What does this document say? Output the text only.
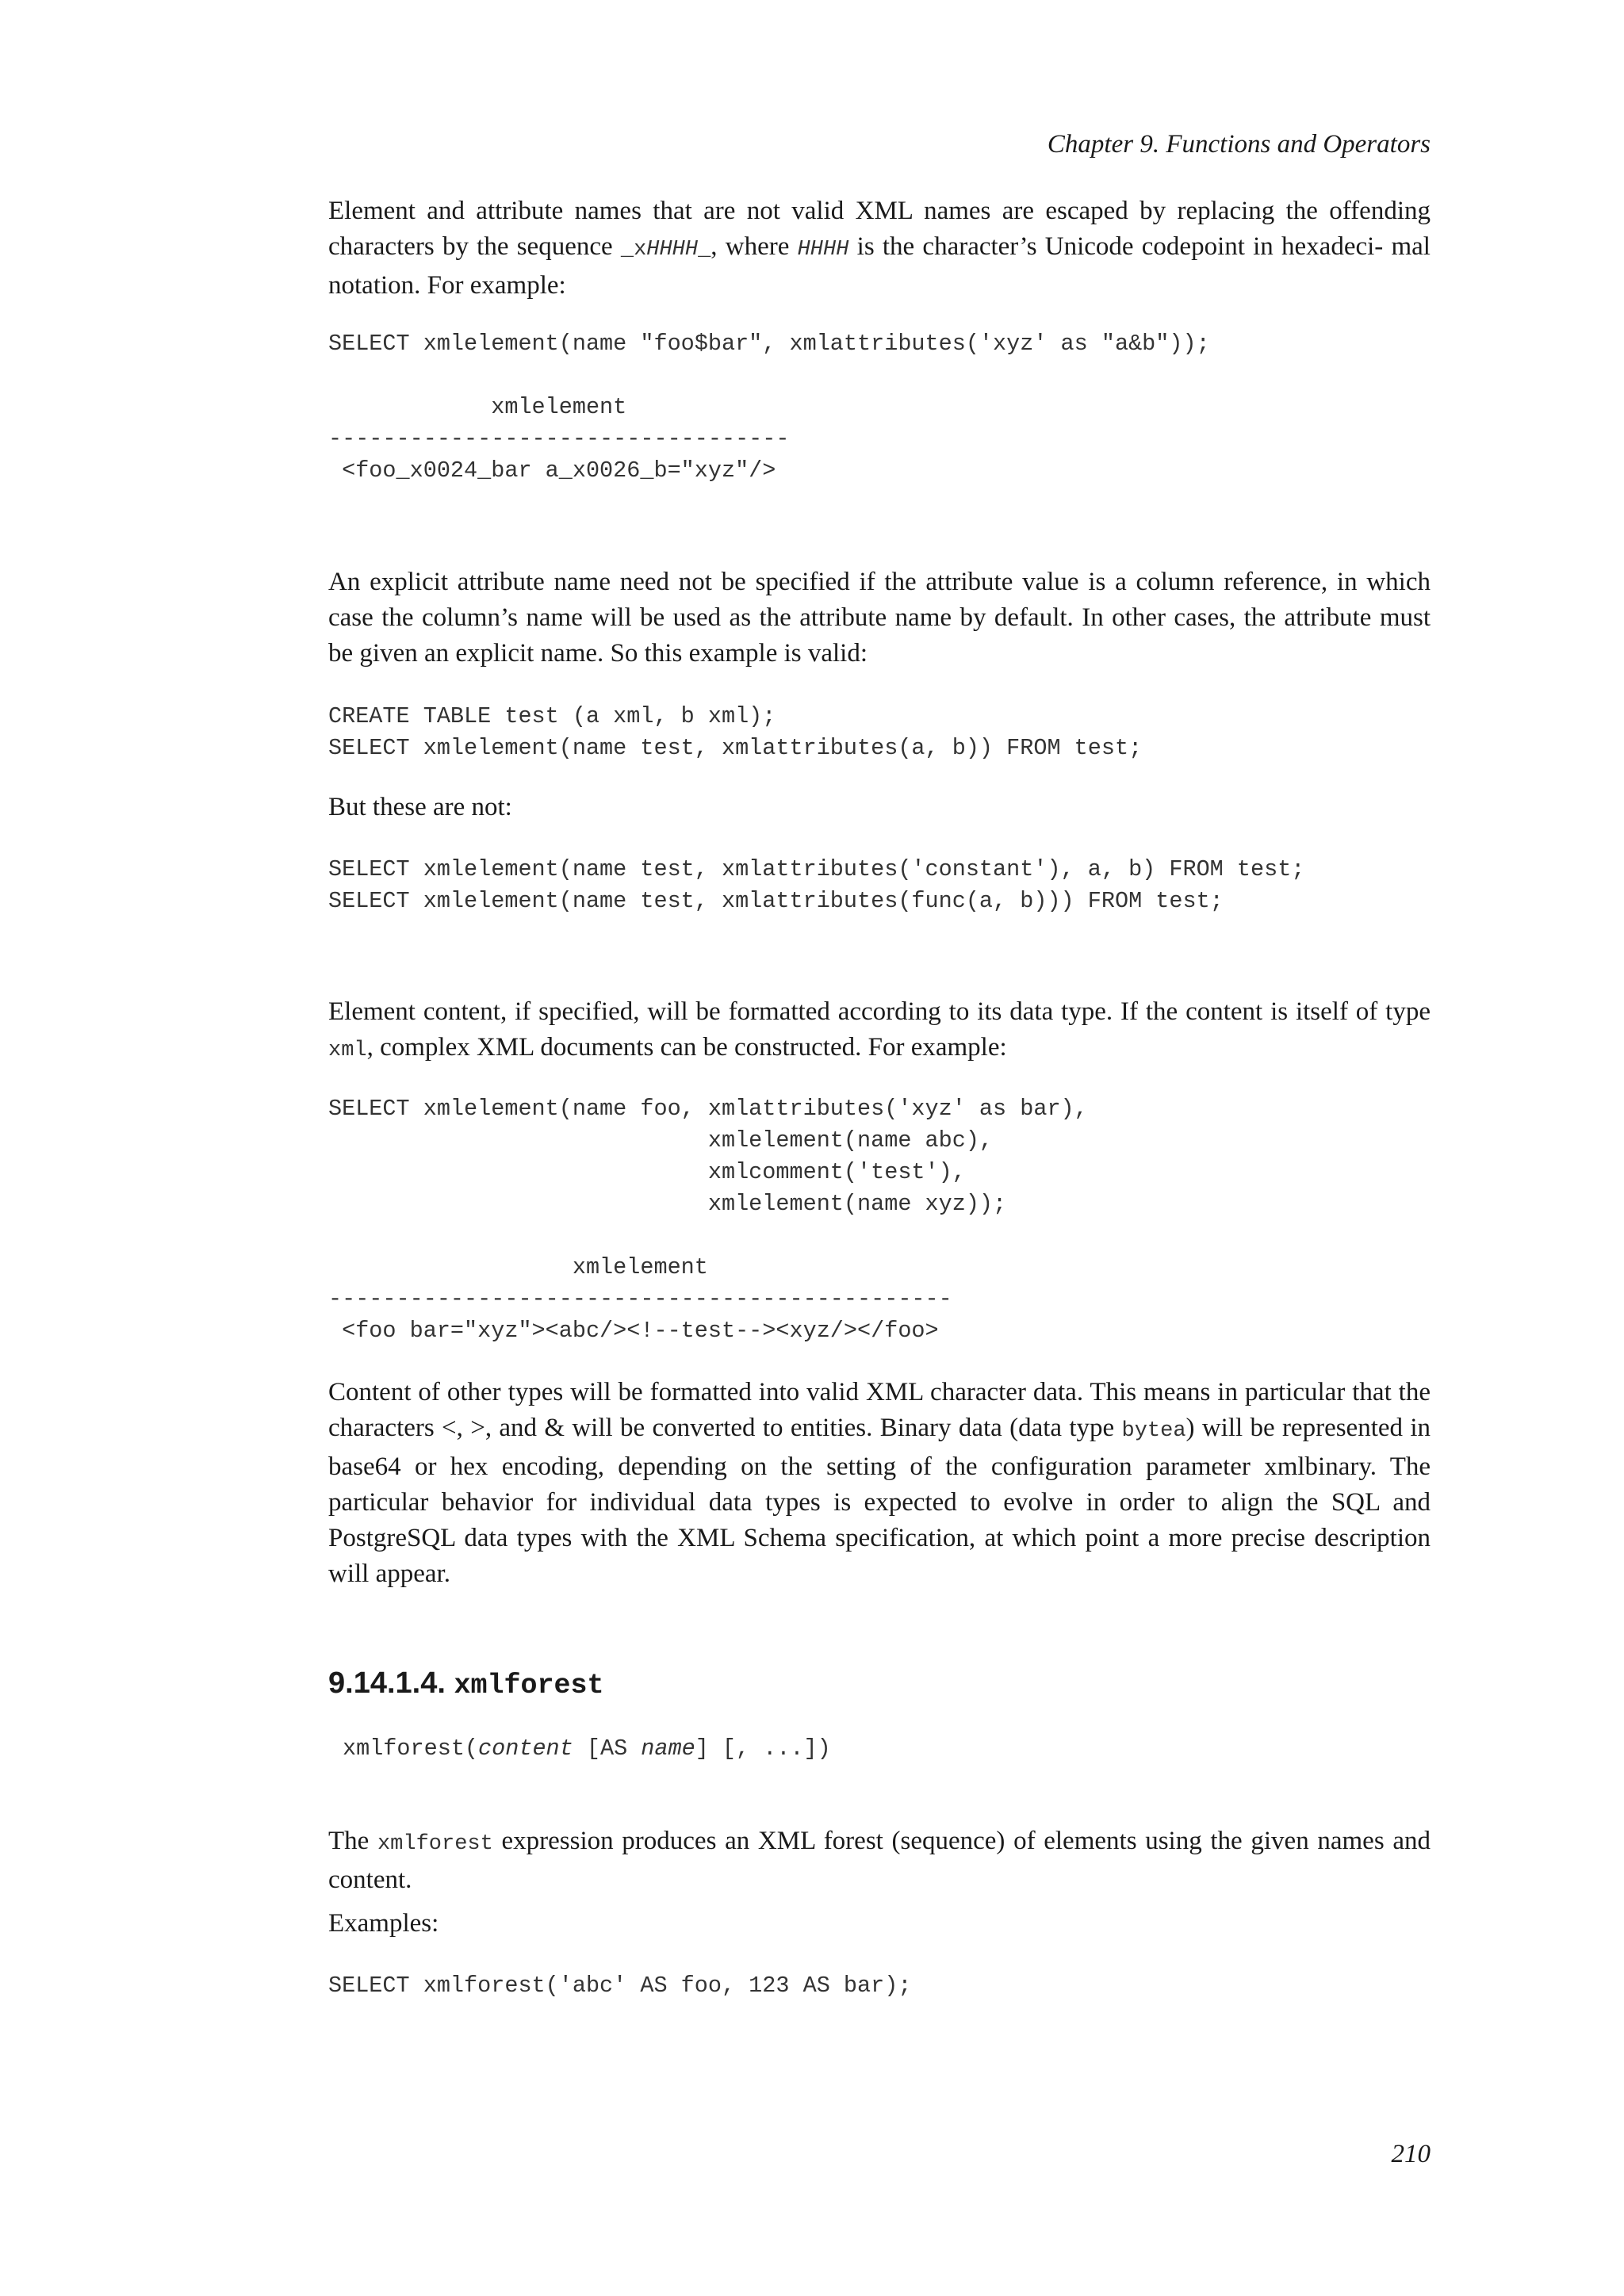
Chapter 9. Functions and Operators

Element and attribute names that are not valid XML names are escaped by replacing the offending characters by the sequence _xHHHH_, where HHHH is the character’s Unicode codepoint in hexadeci- mal notation. For example:

SELECT xmlelement(name "foo$bar", xmlattributes('xyz' as "a&b"));

xmlelement
----------------------------------
<foo_x0024_bar a_x0026_b="xyz"/>

An explicit attribute name need not be specified if the attribute value is a column reference, in which case the column’s name will be used as the attribute name by default. In other cases, the attribute must be given an explicit name. So this example is valid:

CREATE TABLE test (a xml, b xml);
SELECT xmlelement(name test, xmlattributes(a, b)) FROM test;

But these are not:

SELECT xmlelement(name test, xmlattributes('constant'), a, b) FROM test;
SELECT xmlelement(name test, xmlattributes(func(a, b))) FROM test;

Element content, if specified, will be formatted according to its data type. If the content is itself of type xml, complex XML documents can be constructed. For example:

SELECT xmlelement(name foo, xmlattributes('xyz' as bar),
xmlelement(name abc),
xmlcomment('test'),
xmlelement(name xyz));

xmlelement
----------------------------------------------
<foo bar="xyz"><abc/><!--test--><xyz/></foo>

Content of other types will be formatted into valid XML character data. This means in particular that the characters <, >, and & will be converted to entities. Binary data (data type bytea) will be represented in base64 or hex encoding, depending on the setting of the configuration parameter xmlbinary. The particular behavior for individual data types is expected to evolve in order to align the SQL and PostgreSQL data types with the XML Schema specification, at which point a more precise description will appear.

9.14.1.4. xmlforest
xmlforest(content [AS name] [, ...])

The xmlforest expression produces an XML forest (sequence) of elements using the given names and content.

Examples:

SELECT xmlforest('abc' AS foo, 123 AS bar);
210
